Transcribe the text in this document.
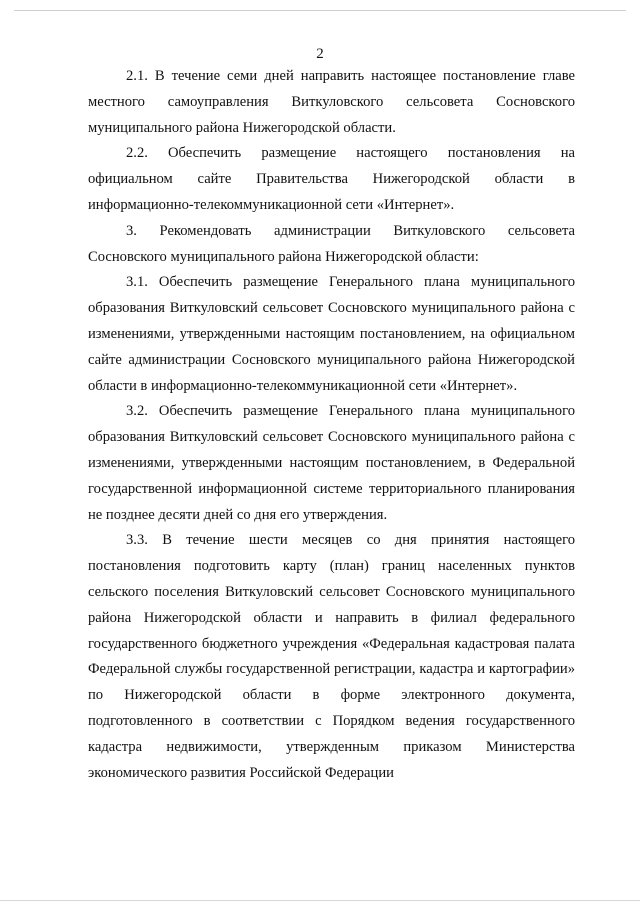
2

2.1. В течение семи дней направить настоящее постановление главе местного самоуправления Виткуловского сельсовета Сосновского муниципального района Нижегородской области.

2.2. Обеспечить размещение настоящего постановления на официальном сайте Правительства Нижегородской области в информационно-телекоммуникационной сети «Интернет».

3. Рекомендовать администрации Виткуловского сельсовета Сосновского муниципального района Нижегородской области:

3.1. Обеспечить размещение Генерального плана муниципального образования Виткуловский сельсовет Сосновского муниципального района с изменениями, утвержденными настоящим постановлением, на официальном сайте администрации Сосновского муниципального района Нижегородской области в информационно-телекоммуникационной сети «Интернет».

3.2. Обеспечить размещение Генерального плана муниципального образования Виткуловский сельсовет Сосновского муниципального района с изменениями, утвержденными настоящим постановлением, в Федеральной государственной информационной системе территориального планирования не позднее десяти дней со дня его утверждения.

3.3. В течение шести месяцев со дня принятия настоящего постановления подготовить карту (план) границ населенных пунктов сельского поселения Виткуловский сельсовет Сосновского муниципального района Нижегородской области и направить в филиал федерального государственного бюджетного учреждения «Федеральная кадастровая палата Федеральной службы государственной регистрации, кадастра и картографии» по Нижегородской области в форме электронного документа, подготовленного в соответствии с Порядком ведения государственного кадастра недвижимости, утвержденным приказом Министерства экономического развития Российской Федерации
